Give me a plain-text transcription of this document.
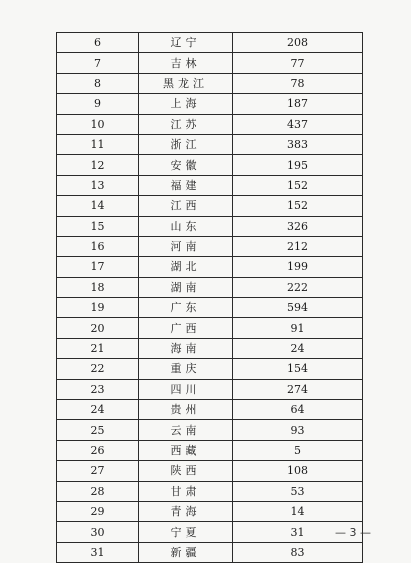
6	辽宁	208
7	吉林	77
8	黑龙江	78
9	上海	187
10	江苏	437
11	浙江	383
12	安徽	195
13	福建	152
14	江西	152
15	山东	326
16	河南	212
17	湖北	199
18	湖南	222
19	广东	594
20	广西	91
21	海南	24
22	重庆	154
23	四川	274
24	贵州	64
25	云南	93
26	西藏	5
27	陕西	108
28	甘肃	53
29	青海	14
30	宁夏	31
31	新疆	83
— 3 —
